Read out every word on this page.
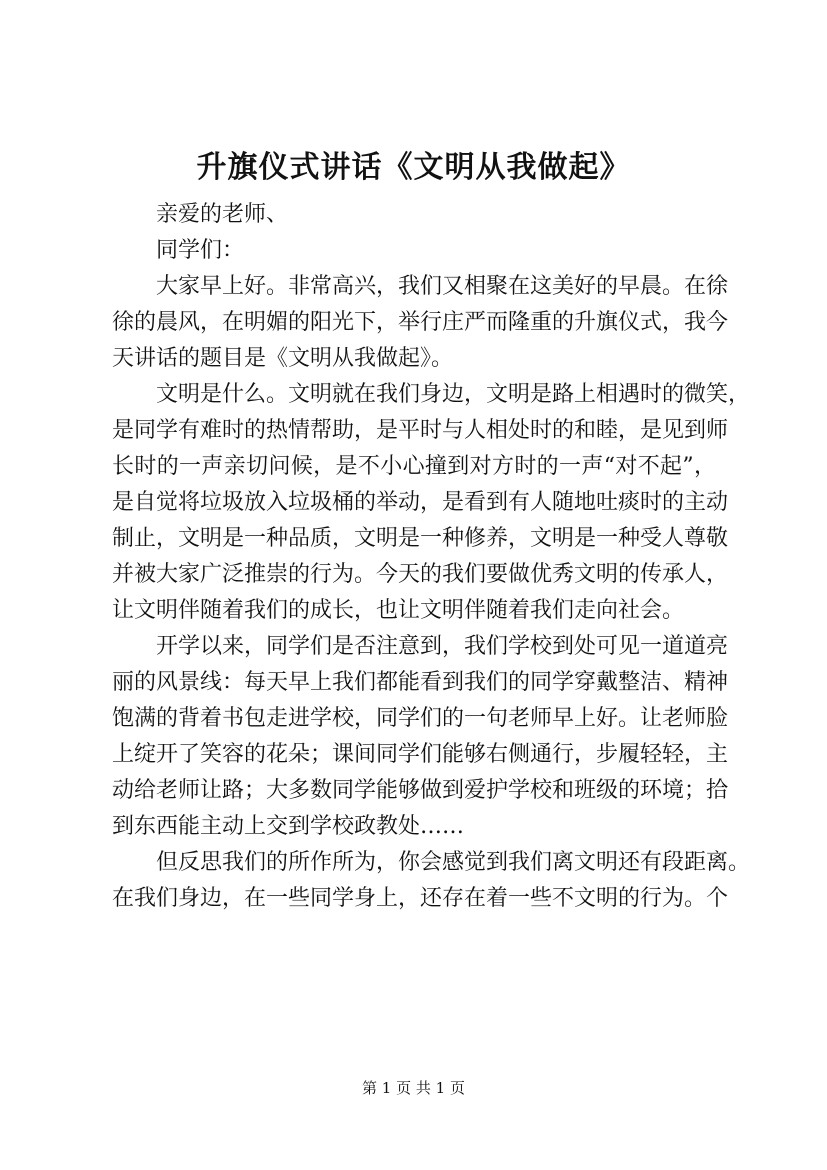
升旗仪式讲话《文明从我做起》
亲爱的老师、
同学们：
大家早上好。非常高兴，我们又相聚在这美好的早晨。在徐
徐的晨风，在明媚的阳光下，举行庄严而隆重的升旗仪式，我今
天讲话的题目是《文明从我做起》。
文明是什么。文明就在我们身边，文明是路上相遇时的微笑，
是同学有难时的热情帮助，是平时与人相处时的和睦，是见到师
长时的一声亲切问候，是不小心撞到对方时的一声“对不起”，
是自觉将垃圾放入垃圾桶的举动，是看到有人随地吐痰时的主动
制止，文明是一种品质，文明是一种修养，文明是一种受人尊敬
并被大家广泛推崇的行为。今天的我们要做优秀文明的传承人，
让文明伴随着我们的成长，也让文明伴随着我们走向社会。
开学以来，同学们是否注意到，我们学校到处可见一道道亮
丽的风景线：每天早上我们都能看到我们的同学穿戴整洁、精神
饱满的背着书包走进学校，同学们的一句老师早上好。让老师脸
上绽开了笑容的花朵；课间同学们能够右侧通行，步履轻轻，主
动给老师让路；大多数同学能够做到爱护学校和班级的环境；拾
到东西能主动上交到学校政教处……
但反思我们的所作所为，你会感觉到我们离文明还有段距离。
在我们身边，在一些同学身上，还存在着一些不文明的行为。个
第 1 页 共 1 页
